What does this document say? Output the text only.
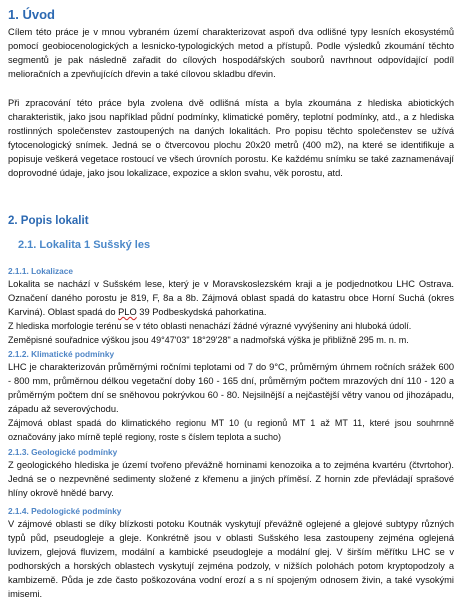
1. Úvod

Cílem této práce je v mnou vybraném území charakterizovat aspoň dva odlišné typy lesních ekosystémů pomocí geobiocenologických a lesnicko-typologických metod a přístupů. Podle výsledků zkoumání těchto segmentů je pak následně zařadit do cílových hospodářských souborů navrhnout odpovídající podíl melioračních a zpevňujících dřevin a také cílovou skladbu dřevin.

Při zpracování této práce byla zvolena dvě odlišná místa a byla zkoumána z hlediska abiotických charakteristik, jako jsou například půdní podmínky, klimatické poměry, teplotní podmínky, atd., a z hlediska rostlinných společenstev zastoupených na daných lokalitách. Pro popisu těchto společenstev se užívá fytocenologický snímek. Jedná se o čtvercovou plochu 20x20 metrů (400 m2), na které se identifikuje a popisuje veškerá vegetace rostoucí ve všech úrovních porostu. Ke každému snímku se také zaznamenávají doprovodné údaje, jako jsou lokalizace, expozice a sklon svahu, věk porostu, atd.

2. Popis lokalit
2.1. Lokalita 1 Sušský les

2.1.1. Lokalizace

Lokalita se nachází v Sušském lese, který je v Moravskoslezském kraji a je podjednotkou LHC Ostrava. Označení daného porostu je 819, F, 8a a 8b. Zájmová oblast spadá do katastru obce Horní Suchá (okres Karviná). Oblast spadá do PLO 39 Podbeskydská pahorkatina.

Z hlediska morfologie terénu se v této oblasti nenachází žádné výrazné vyvýšeniny ani hluboká údolí.

Zeměpisné souřadnice výškou jsou 49°47'03" 18°29'28" a nadmořská výška je přibližně 295 m. n. m.

2.1.2. Klimatické podmínky

LHC je charakterizován průměrnými ročními teplotami od 7 do 9°C, průměrným úhrnem ročních srážek 600 - 800 mm, průměrnou délkou vegetační doby 160 - 165 dní, průměrným počtem mrazových dní 110 - 120 a průměrným počtem dní se sněhovou pokrývkou 60 - 80. Nejsilnější a nejčastější větry vanou od jihozápadu, západu až severovýchodu.

Zájmová oblast spadá do klimatického regionu MT 10 (u regionů MT 1 až MT 11, které jsou souhrnně označovány jako mírně teplé regiony, roste s číslem teplota a sucho)

2.1.3. Geologické podmínky

Z geologického hlediska je území tvořeno převážně horninami kenozoika a to zejména kvartéru (čtvrtohor). Jedná se o nezpevněné sedimenty složené z křemenu a jiných příměsí. Z hornin zde převládají sprašové hlíny okrově hnědé barvy.

2.1.4. Pedologické podmínky

V zájmové oblasti se díky blízkosti potoku Koutnák vyskytují převážně oglejené a glejové subtypy různých typů půd, pseudogleje a gleje. Konkrétně jsou v oblasti Sušského lesa zastoupeny zejména oglejená luvizem, glejová fluvizem, modální a kambické pseudogleje a modální glej. V širším měřítku LHC se v podhorských a horských oblastech vyskytují zejména podzoly, v nižších polohách potom kryptopodzoly a kambizemě. Půda je zde často poškozována vodní erozí a s ní spojeným odnosem živin, a také vysokými imisemi.
